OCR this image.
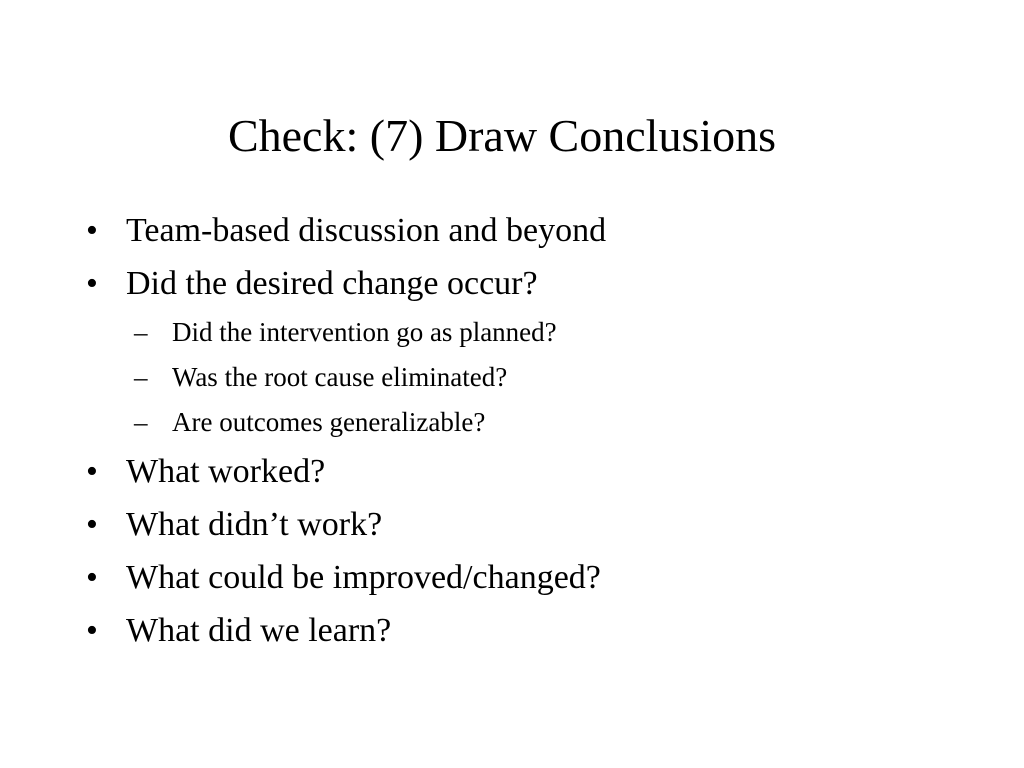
Check: (7) Draw Conclusions
• Team-based discussion and beyond
• Did the desired change occur?
– Did the intervention go as planned?
– Was the root cause eliminated?
– Are outcomes generalizable?
• What worked?
• What didn’t work?
• What could be improved/changed?
• What did we learn?
